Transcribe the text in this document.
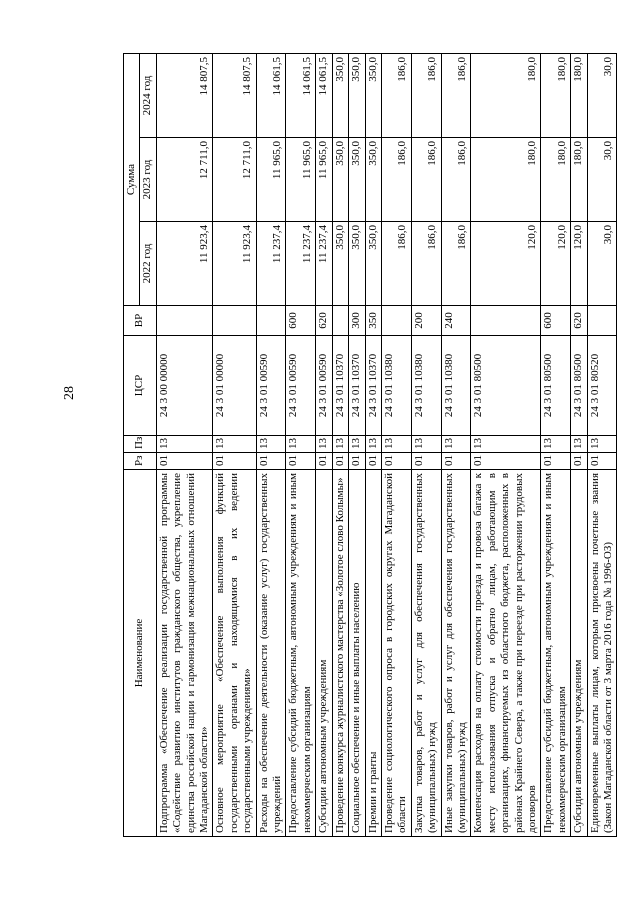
28
Наименование	Рз	Пз	ЦСР	ВР	Сумма		
					2022 год	2023 год	2024 год
Подпрограмма «Обеспечение реализации государственной программы «Содействие развитию институтов гражданского общества, укрепление единства российской нации и гармонизация межнациональных отношений Магаданской области»	01	13	24 3 00 00000		11 923,4	12 711,0	14 807,5
Основное мероприятие «Обеспечение выполнения функций государственными органами и находящимися в их ведении государственными учреждениями»	01	13	24 3 01 00000		11 923,4	12 711,0	14 807,5
Расходы на обеспечение деятельности (оказание услуг) государственных учреждений	01	13	24 3 01 00590		11 237,4	11 965,0	14 061,5
Предоставление субсидий бюджетным, автономным учреждениям и иным некоммерческим организациям	01	13	24 3 01 00590	600	11 237,4	11 965,0	14 061,5
Субсидии автономным учреждениям	01	13	24 3 01 00590	620	11 237,4	11 965,0	14 061,5
Проведение конкурса журналистского мастерства «Золотое слово Колымы»	01	13	24 3 01 10370		350,0	350,0	350,0
Социальное обеспечение и иные выплаты населению	01	13	24 3 01 10370	300	350,0	350,0	350,0
Премии и гранты	01	13	24 3 01 10370	350	350,0	350,0	350,0
Проведение социологического опроса в городских округах Магаданской области	01	13	24 3 01 10380		186,0	186,0	186,0
Закупка товаров, работ и услуг для обеспечения государственных (муниципальных) нужд	01	13	24 3 01 10380	200	186,0	186,0	186,0
Иные закупки товаров, работ и услуг для обеспечения государственных (муниципальных) нужд	01	13	24 3 01 10380	240	186,0	186,0	186,0
Компенсация расходов на оплату стоимости проезда и провоза багажа к месту использования отпуска и обратно лицам, работающим в организациях, финансируемых из областного бюджета, расположенных в районах Крайнего Севера, а также при переезде при расторжении трудовых договоров	01	13	24 3 01 80500		120,0	180,0	180,0
Предоставление субсидий бюджетным, автономным учреждениям и иным некоммерческим организациям	01	13	24 3 01 80500	600	120,0	180,0	180,0
Субсидии автономным учреждениям	01	13	24 3 01 80500	620	120,0	180,0	180,0
Единовременные выплаты лицам, которым присвоены почетные звания (Закон Магаданской области от 3 марта 2016 года № 1996-ОЗ)	01	13	24 3 01 80520		30,0	30,0	30,0
